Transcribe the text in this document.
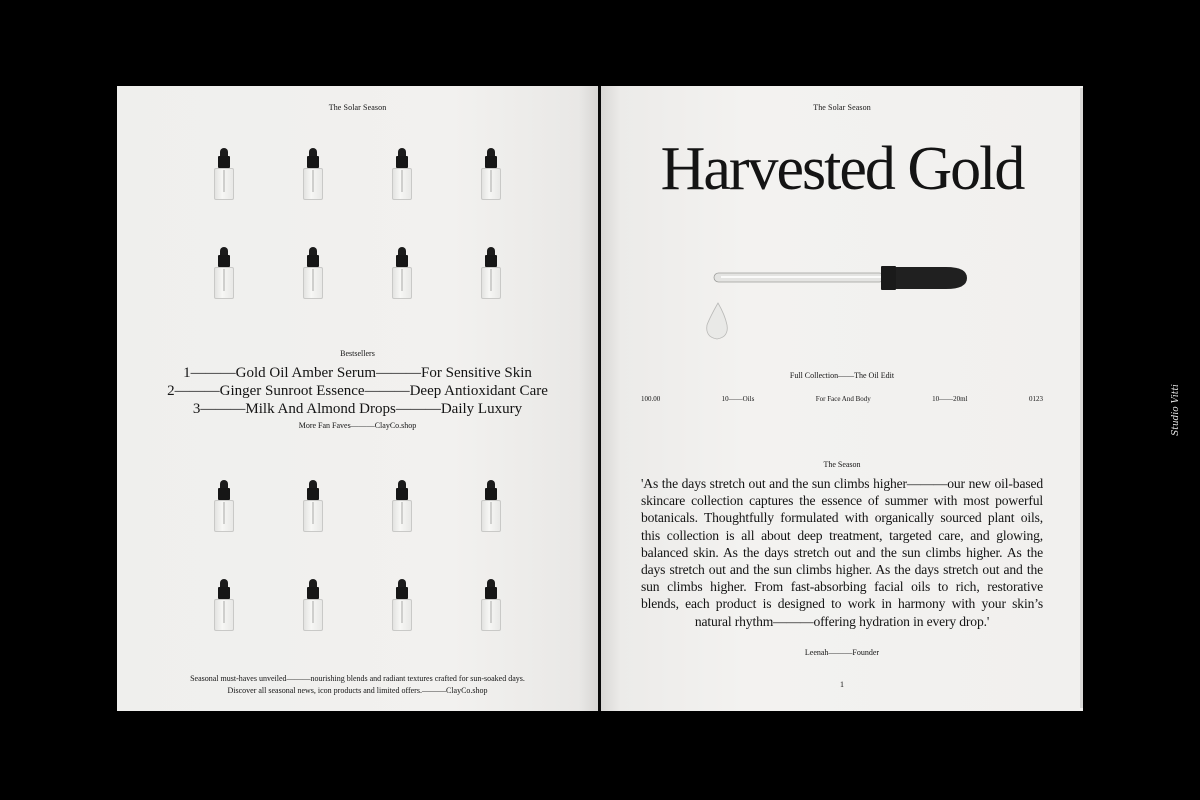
The Solar Season
Bestsellers
1———Gold Oil Amber Serum———For Sensitive Skin
2———Ginger Sunroot Essence———Deep Antioxidant Care
3———Milk And Almond Drops———Daily Luxury
More Fan Faves———ClayCo.shop
Seasonal must-haves unveiled———nourishing blends and radiant textures crafted for sun-soaked days.
Discover all seasonal news, icon products and limited offers.———ClayCo.shop
The Solar Season
Harvested Gold
Full Collection——The Oil Edit
100.00	10——Oils	For Face And Body	10——20ml	0123
The Season
'As the days stretch out and the sun climbs higher———our new oil-based skincare collection captures the essence of summer with most powerful botanicals. Thoughtfully formulated with organically sourced plant oils, this collection is all about deep treatment, targeted care, and glowing, balanced skin. As the days stretch out and the sun climbs higher. As the days stretch out and the sun climbs higher. As the days stretch out and the sun climbs higher. From fast-absorbing facial oils to rich, restorative blends, each product is designed to work in harmony with your skin’s natural rhythm———offering hydration in every drop.'
Leenah———Founder
1
Studio Vitti
